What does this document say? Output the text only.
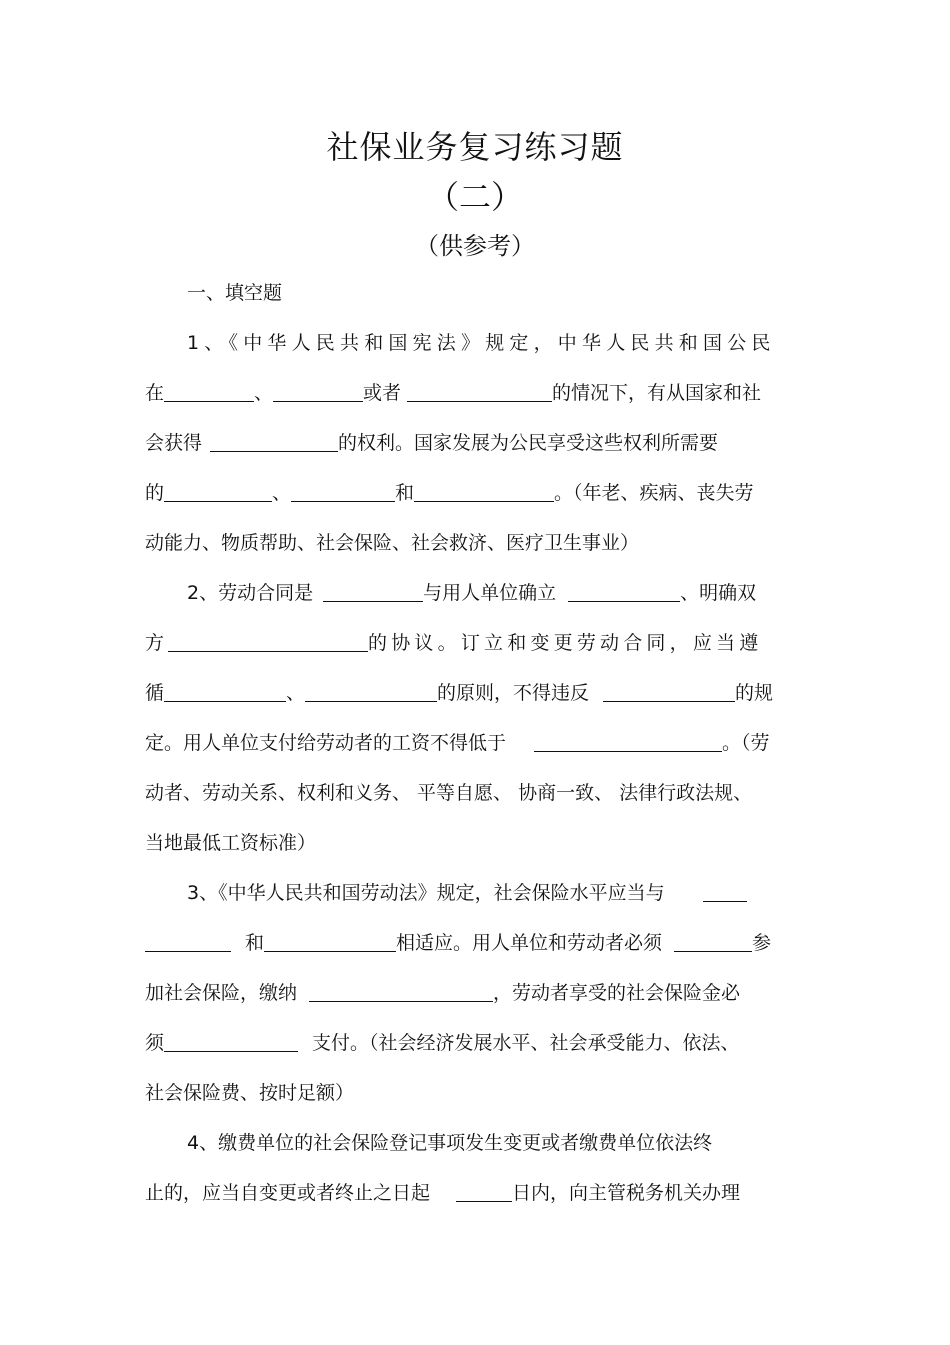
社保业务复习练习题
（二）
（供参考）

一、填空题

1、《中华人民共和国宪法》规定，中华人民共和国公民
在	、	或者	的情况下，有从国家和社
会获得	的权利。国家发展为公民享受这些权利所需要
的	、	和	。（年老、疾病、丧失劳
动能力、物质帮助、社会保险、社会救济、医疗卫生事业）

2、劳动合同是	与用人单位确立	、明确双
方	的协议。订立和变更劳动合同，应当遵
循	、	的原则，不得违反	的规
定。用人单位支付给劳动者的工资不得低于	。（劳
动者、劳动关系、权利和义务、 平等自愿、 协商一致、 法律行政法规、
当地最低工资标准）

3、《中华人民共和国劳动法》规定，社会保险水平应当与
和	相适应。用人单位和劳动者必须	参
加社会保险，缴纳	，劳动者享受的社会保险金必
须	支付。（社会经济发展水平、社会承受能力、依法、
社会保险费、按时足额）

4、缴费单位的社会保险登记事项发生变更或者缴费单位依法终
止的，应当自变更或者终止之日起	日内，向主管税务机关办理
